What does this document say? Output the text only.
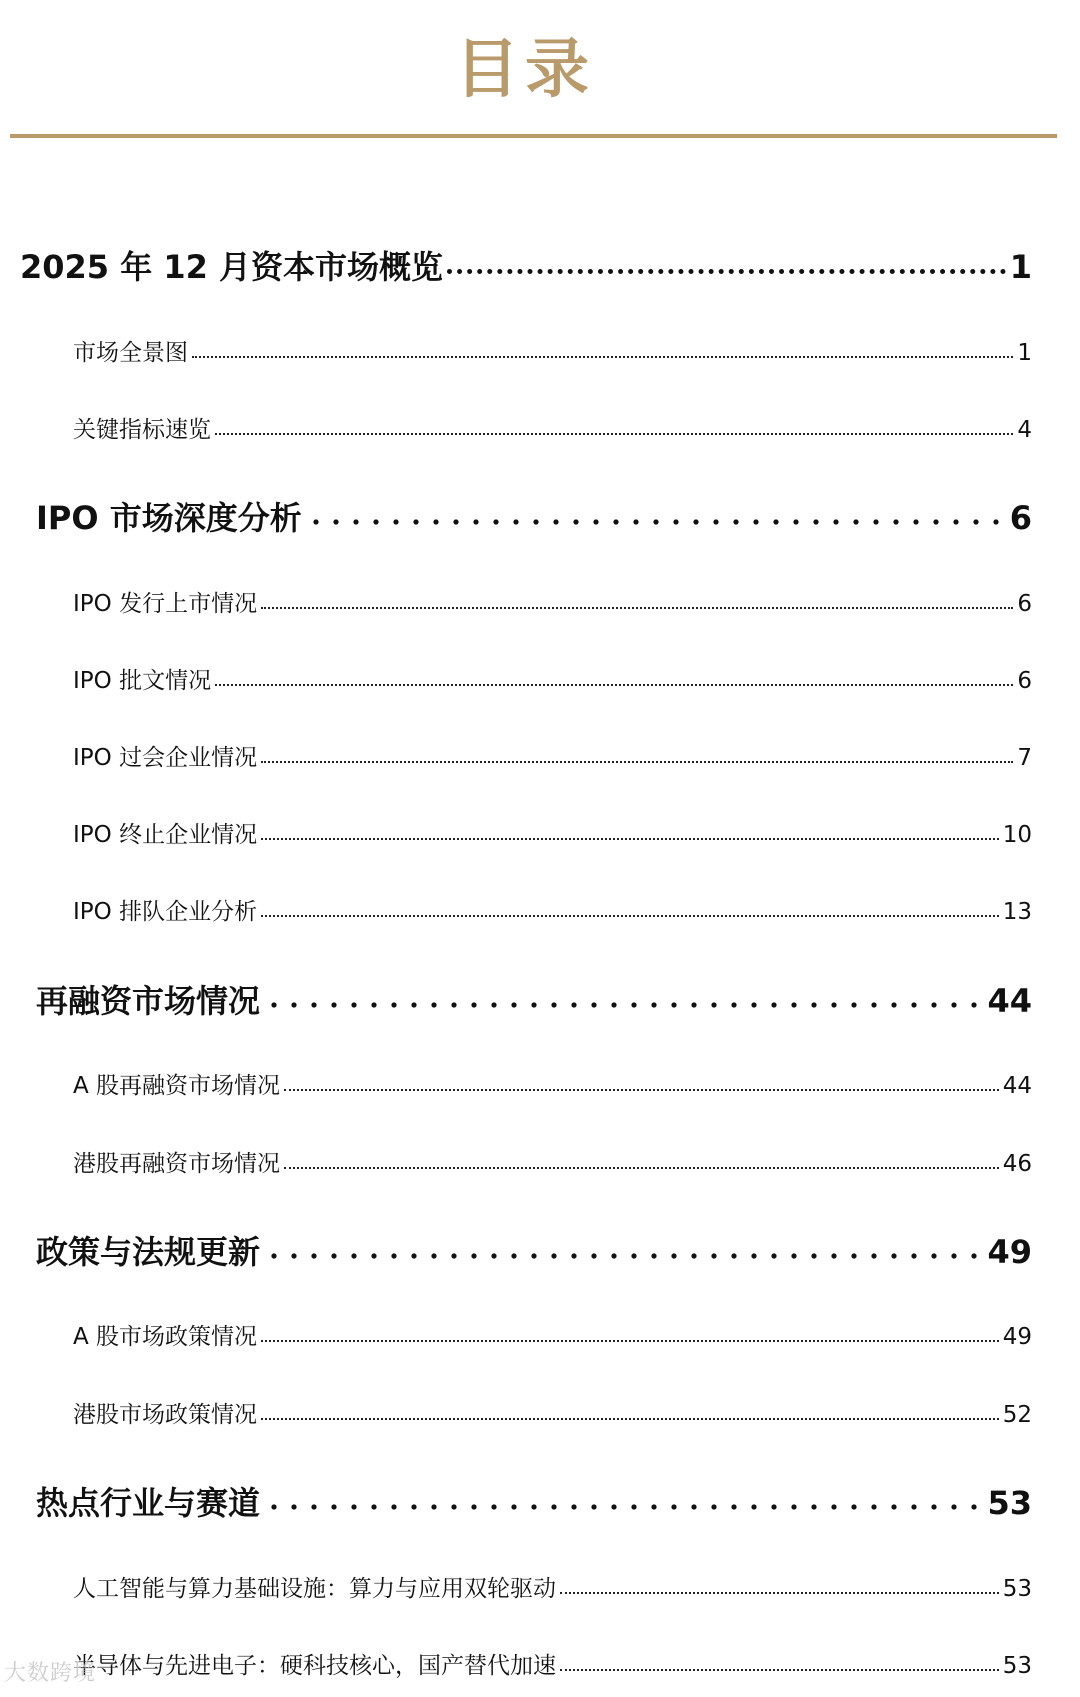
目录
2025 年 12 月资本市场概览	1
市场全景图	1
关键指标速览	4
IPO 市场深度分析	6
IPO 发行上市情况	6
IPO 批文情况	6
IPO 过会企业情况	7
IPO 终止企业情况	10
IPO 排队企业分析	13
再融资市场情况	44
A 股再融资市场情况	44
港股再融资市场情况	46
政策与法规更新	49
A 股市场政策情况	49
港股市场政策情况	52
热点行业与赛道	53
人工智能与算力基础设施：算力与应用双轮驱动	53
半导体与先进电子：硬科技核心，国产替代加速	53
大数跨境
